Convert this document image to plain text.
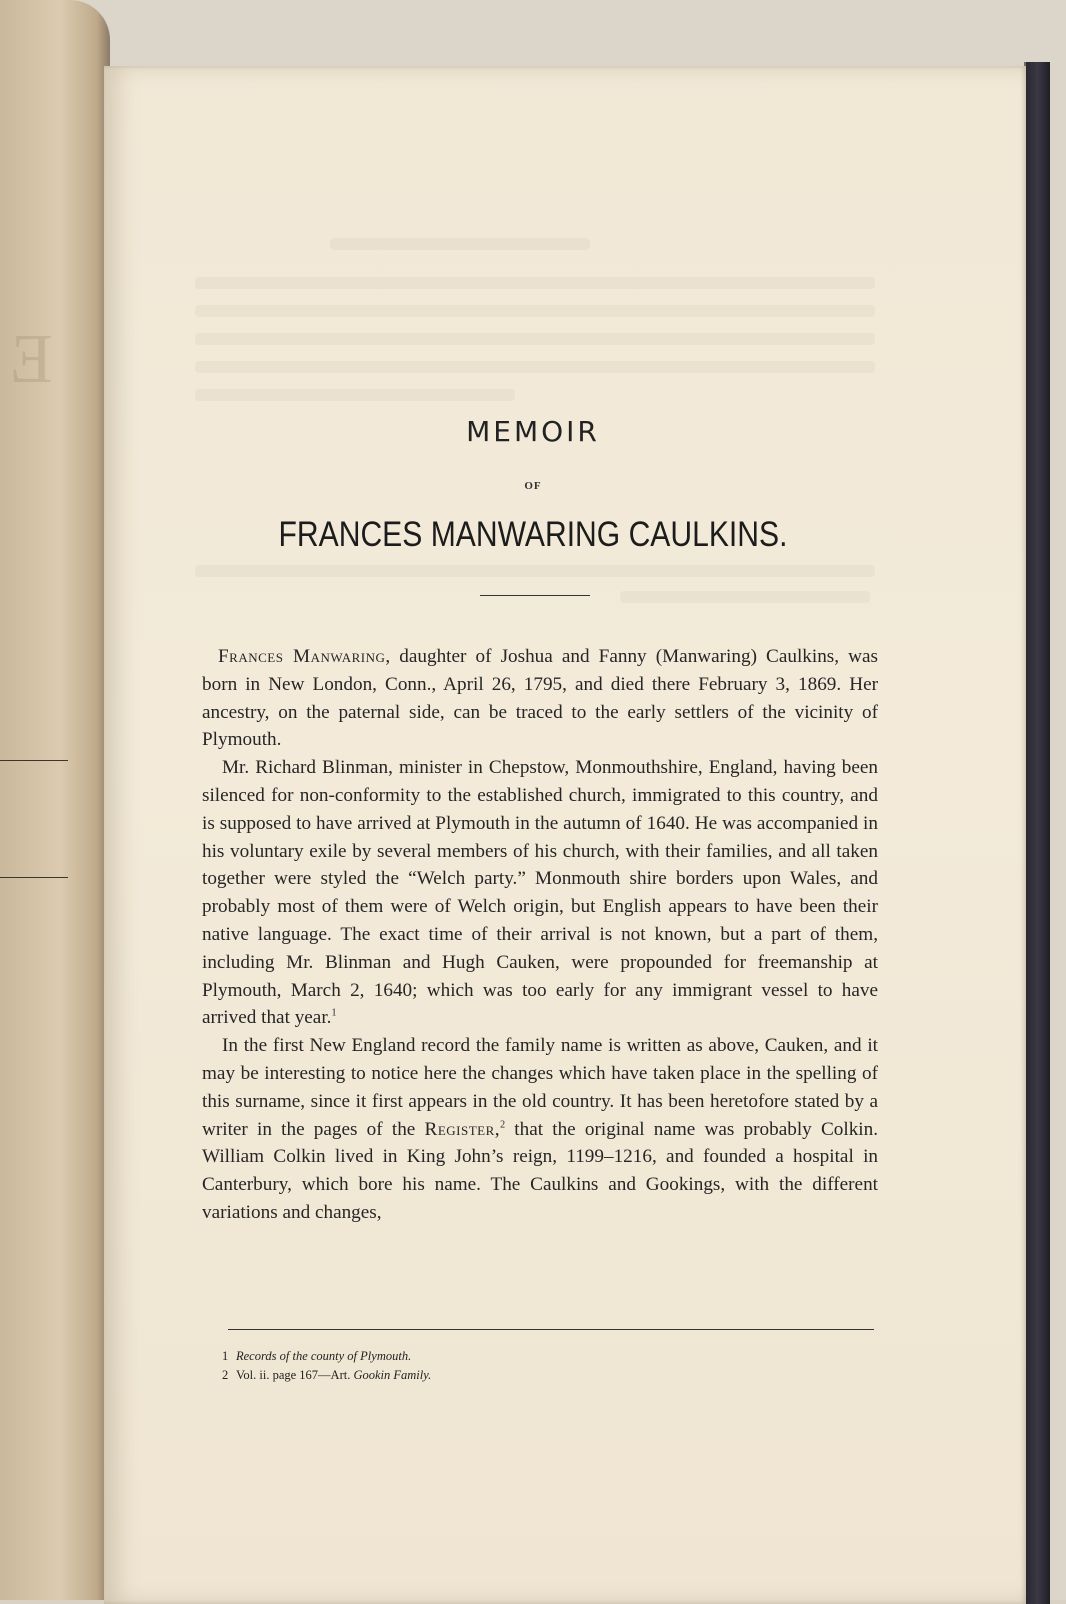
E
MEMOIR
OF
FRANCES MANWARING CAULKINS.

Frances Manwaring, daughter of Joshua and Fanny (Manwaring) Caulkins, was born in New London, Conn., April 26, 1795, and died there February 3, 1869. Her ancestry, on the paternal side, can be traced to the early settlers of the vicinity of Plymouth.

Mr. Richard Blinman, minister in Chepstow, Monmouthshire, England, having been silenced for non-conformity to the established church, immigrated to this country, and is supposed to have arrived at Plymouth in the autumn of 1640. He was accompanied in his voluntary exile by several members of his church, with their families, and all taken together were styled the “Welch party.” Monmouth shire borders upon Wales, and probably most of them were of Welch origin, but English appears to have been their native language. The exact time of their arrival is not known, but a part of them, including Mr. Blinman and Hugh Cauken, were propounded for freemanship at Plymouth, March 2, 1640; which was too early for any immigrant vessel to have arrived that year.$^1$

In the first New England record the family name is written as above, Cauken, and it may be interesting to notice here the changes which have taken place in the spelling of this surname, since it first appears in the old country. It has been heretofore stated by a writer in the pages of the Register,$^2$ that the original name was probably Colkin. William Colkin lived in King John’s reign, 1199–1216, and founded a hospital in Canterbury, which bore his name. The Caulkins and Gookings, with the different variations and changes,

1 Records of the county of Plymouth.
2 Vol. ii. page 167—Art. Gookin Family.
